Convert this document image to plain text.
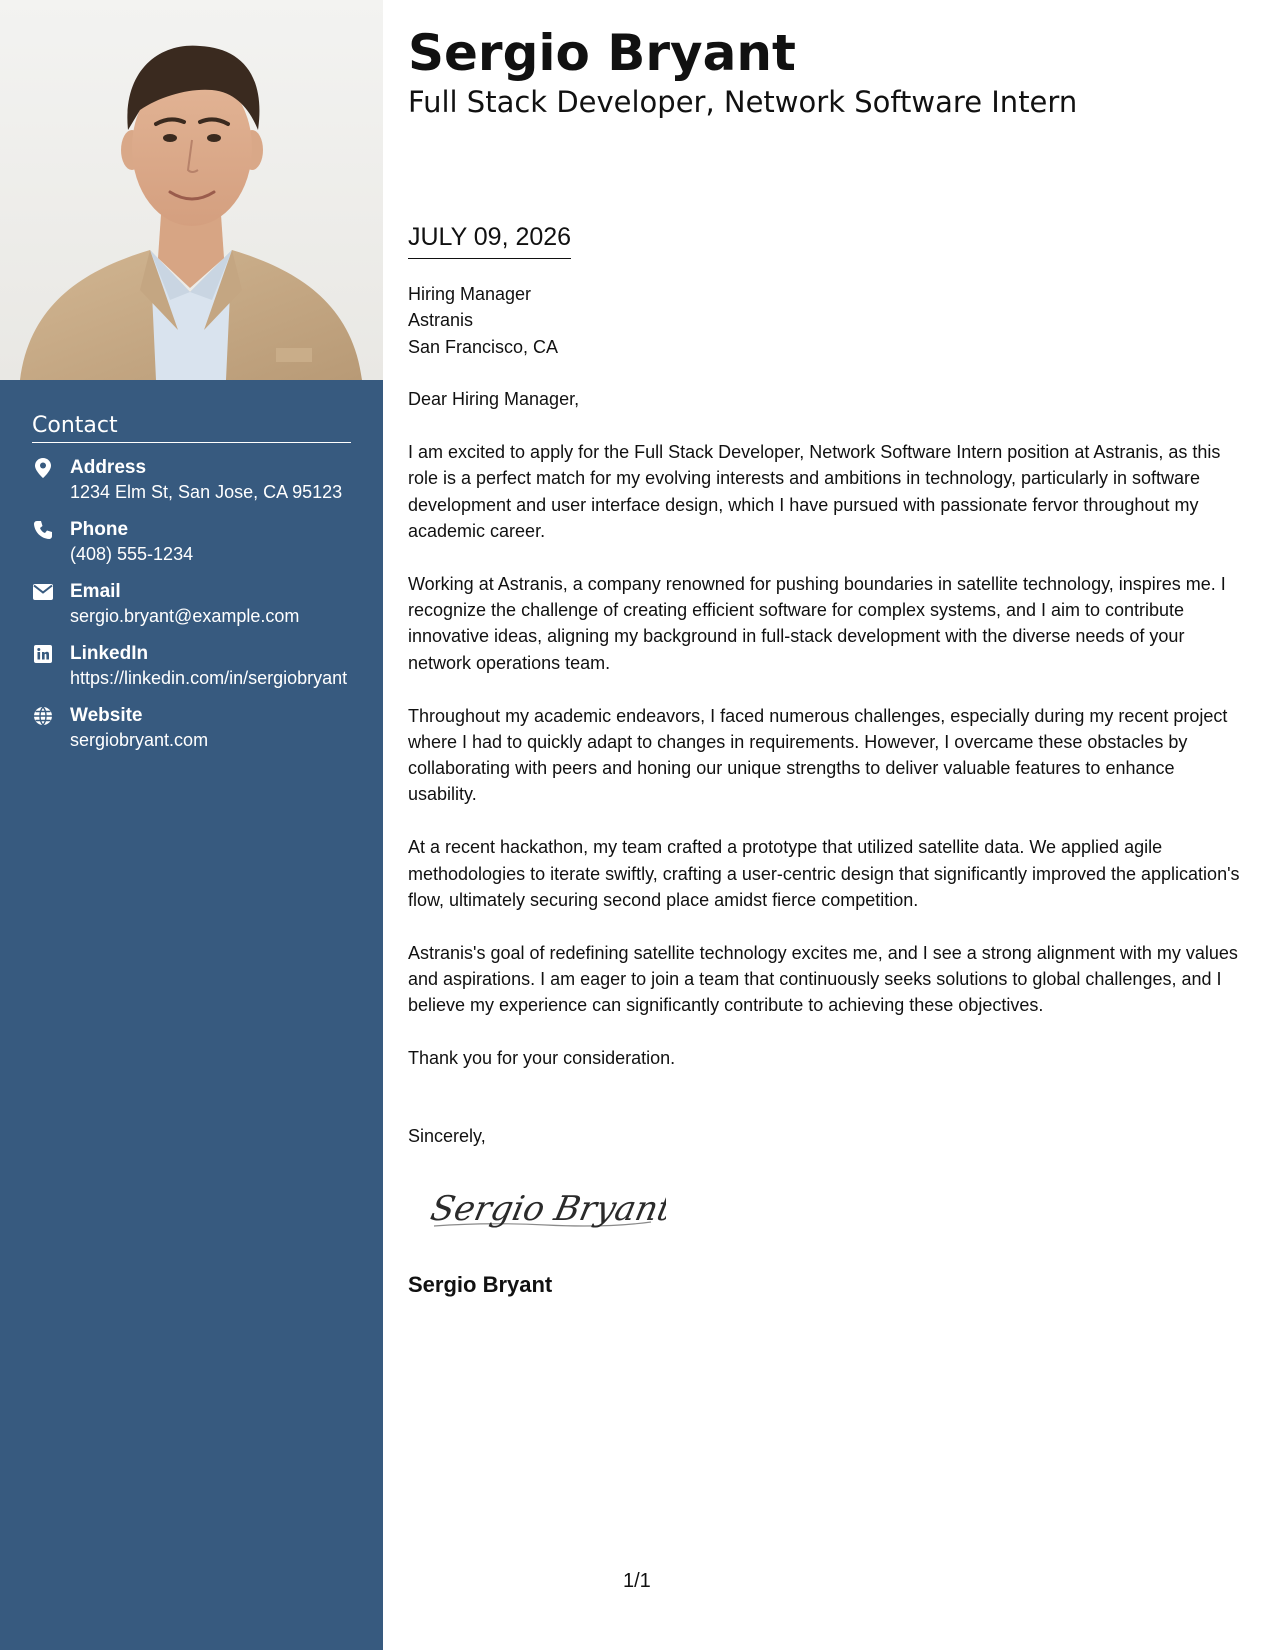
Contact
Address
1234 Elm St, San Jose, CA 95123
Phone
(408) 555-1234
Email
sergio.bryant@example.com
LinkedIn
https://linkedin.com/in/sergiobryant
Website
sergiobryant.com
Sergio Bryant
Full Stack Developer, Network Software Intern
JULY 09, 2026
Hiring Manager
Astranis
San Francisco, CA

Dear Hiring Manager,

I am excited to apply for the Full Stack Developer, Network Software Intern position at Astranis, as this role is a perfect match for my evolving interests and ambitions in technology, particularly in software development and user interface design, which I have pursued with passionate fervor throughout my academic career.

Working at Astranis, a company renowned for pushing boundaries in satellite technology, inspires me. I recognize the challenge of creating efficient software for complex systems, and I aim to contribute innovative ideas, aligning my background in full-stack development with the diverse needs of your network operations team.

Throughout my academic endeavors, I faced numerous challenges, especially during my recent project where I had to quickly adapt to changes in requirements. However, I overcame these obstacles by collaborating with peers and honing our unique strengths to deliver valuable features to enhance usability.

At a recent hackathon, my team crafted a prototype that utilized satellite data. We applied agile methodologies to iterate swiftly, crafting a user-centric design that significantly improved the application's flow, ultimately securing second place amidst fierce competition.

Astranis's goal of redefining satellite technology excites me, and I see a strong alignment with my values and aspirations. I am eager to join a team that continuously seeks solutions to global challenges, and I believe my experience can significantly contribute to achieving these objectives.

Thank you for your consideration.

Sincerely,

Sergio Bryant
Sergio Bryant
1/1
